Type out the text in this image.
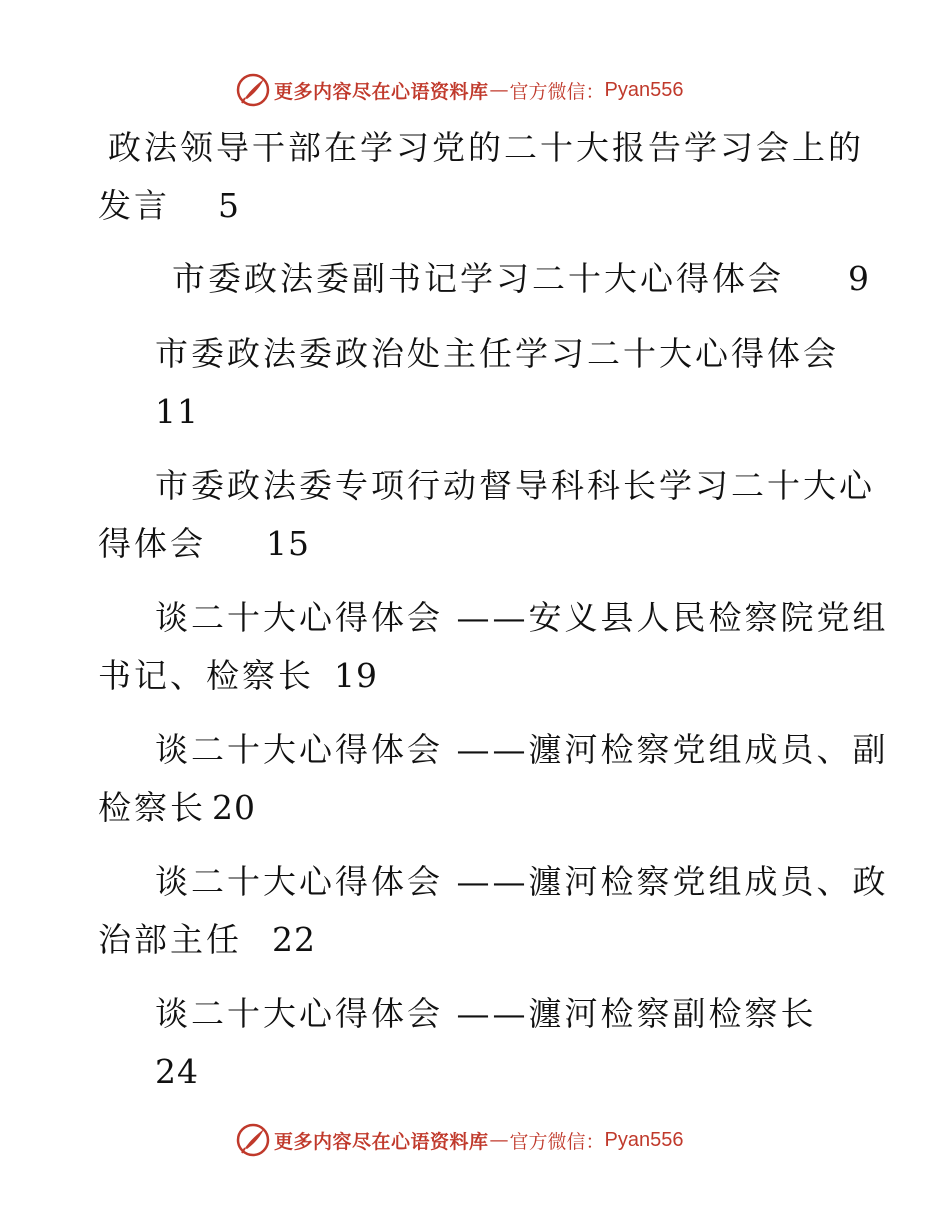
更多内容尽在心语资料库 — 官方微信： Pyan556
政法领导干部在学习党的二十大报告学习会上的
发言 5
市委政法委副书记学习二十大心得体会 9
市委政法委政治处主任学习二十大心得体会
11
市委政法委专项行动督导科科长学习二十大心
得体会 15
谈二十大心得体会 ——安义县人民检察院党组
书记、检察长 19
谈二十大心得体会 ——瀍河检察党组成员、副
检察长 20
谈二十大心得体会 ——瀍河检察党组成员、政
治部主任 22
谈二十大心得体会 ——瀍河检察副检察长
24
更多内容尽在心语资料库 — 官方微信： Pyan556
